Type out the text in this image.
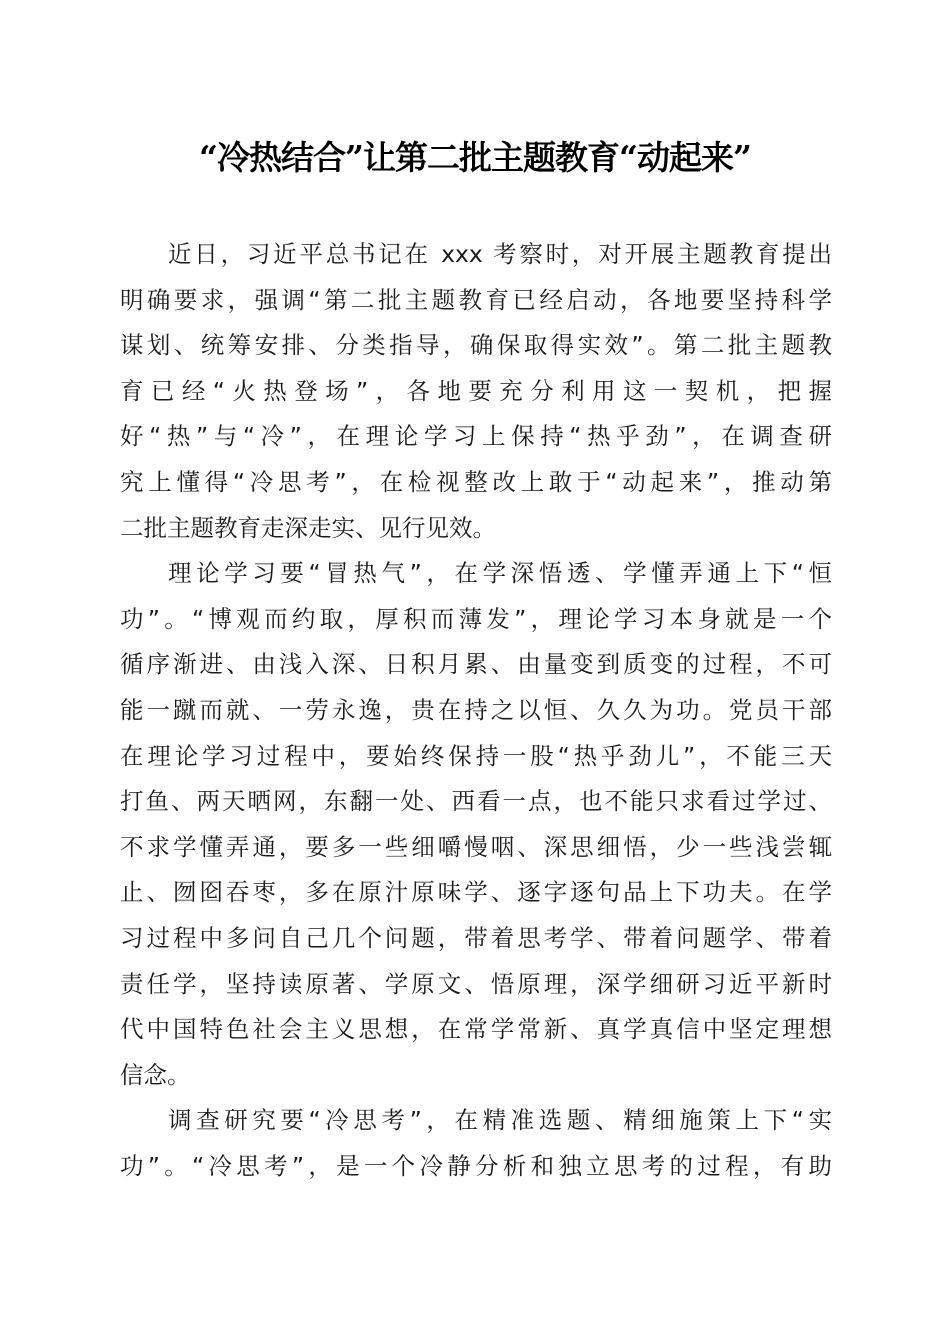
“冷热结合”让第二批主题教育“动起来”
近日，习近平总书记在 xxx 考察时，对开展主题教育提出
明确要求，强调“第二批主题教育已经启动，各地要坚持科学
谋划、统筹安排、分类指导，确保取得实效”。第二批主题教
育已经“火热登场”，各地要充分利用这一契机，把握
好“热”与“冷”，在理论学习上保持“热乎劲”，在调查研
究上懂得“冷思考”，在检视整改上敢于“动起来”，推动第
二批主题教育走深走实、见行见效。
理论学习要“冒热气”，在学深悟透、学懂弄通上下“恒
功”。“博观而约取，厚积而薄发”，理论学习本身就是一个
循序渐进、由浅入深、日积月累、由量变到质变的过程，不可
能一蹴而就、一劳永逸，贵在持之以恒、久久为功。党员干部
在理论学习过程中，要始终保持一股“热乎劲儿”，不能三天
打鱼、两天晒网，东翻一处、西看一点，也不能只求看过学过、
不求学懂弄通，要多一些细嚼慢咽、深思细悟，少一些浅尝辄
止、囫囵吞枣，多在原汁原味学、逐字逐句品上下功夫。在学
习过程中多问自己几个问题，带着思考学、带着问题学、带着
责任学，坚持读原著、学原文、悟原理，深学细研习近平新时
代中国特色社会主义思想，在常学常新、真学真信中坚定理想
信念。
调查研究要“冷思考”，在精准选题、精细施策上下“实
功”。“冷思考”，是一个冷静分析和独立思考的过程，有助
